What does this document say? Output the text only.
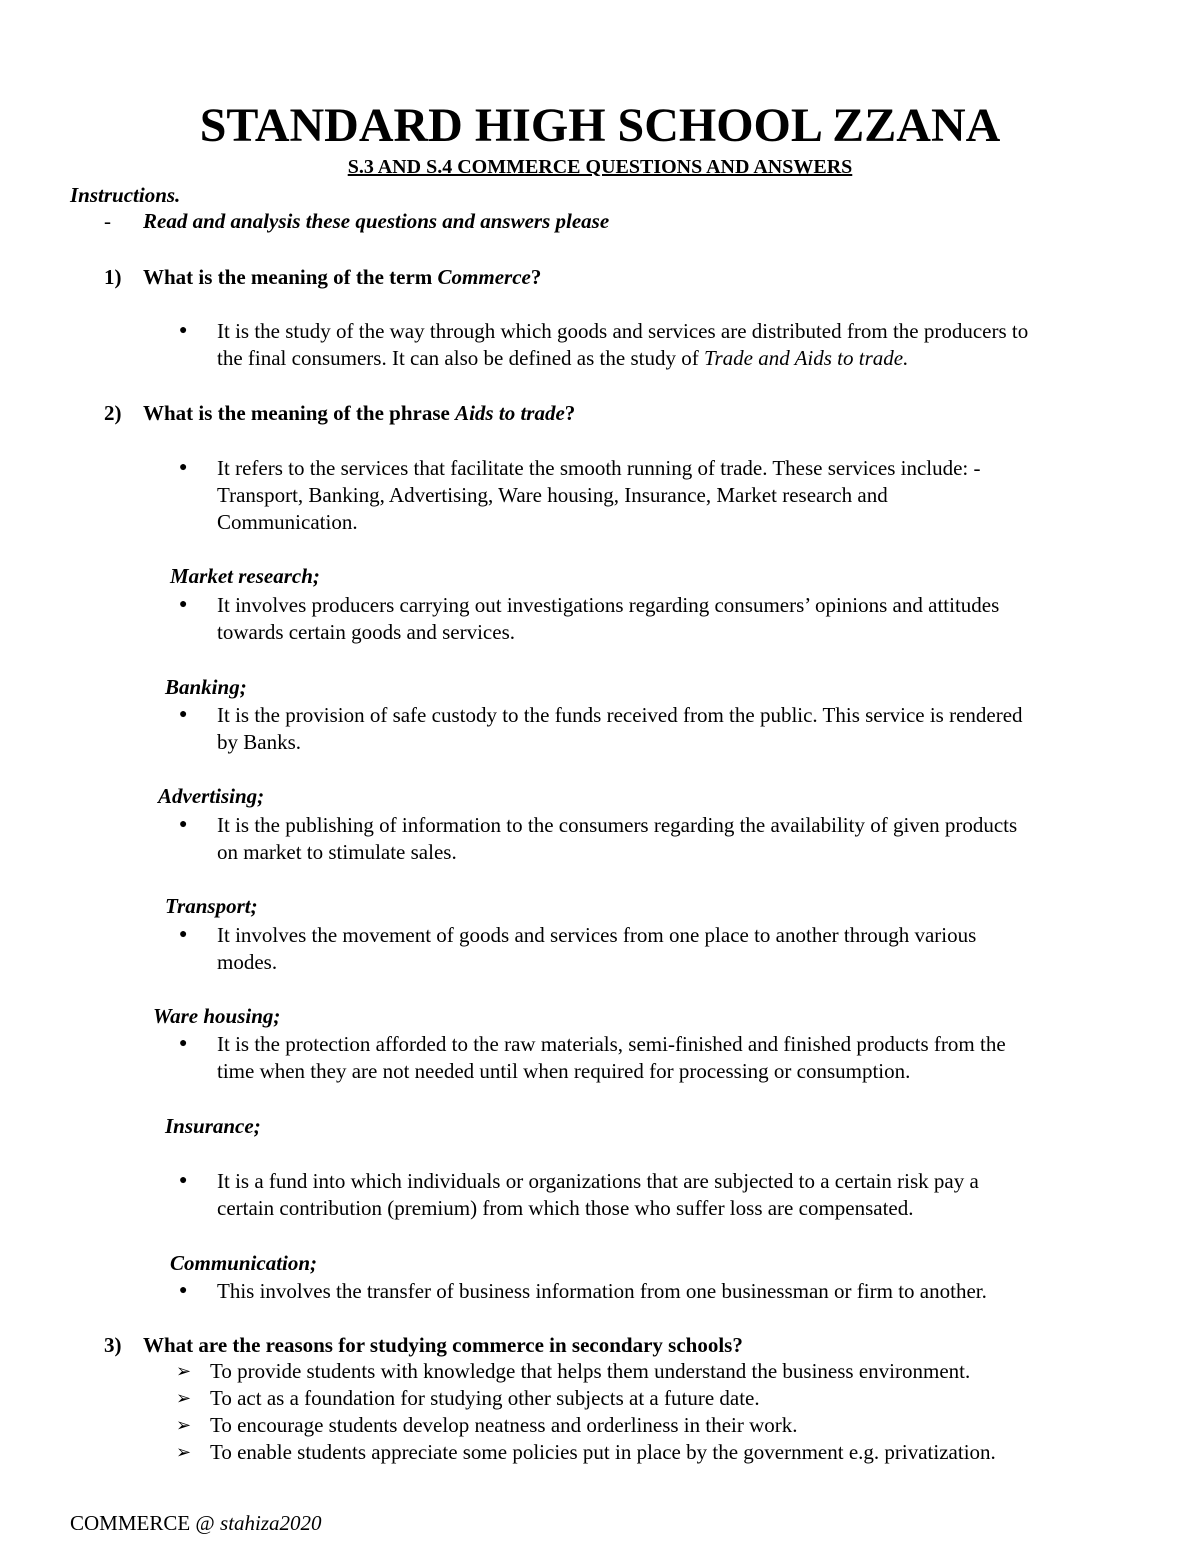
STANDARD HIGH SCHOOL ZZANA
S.3 AND S.4 COMMERCE QUESTIONS AND ANSWERS
Instructions.
- Read and analysis these questions and answers please
1) What is the meaning of the term Commerce?
● It is the study of the way through which goods and services are distributed from the producers to
the final consumers. It can also be defined as the study of Trade and Aids to trade.
2) What is the meaning of the phrase Aids to trade?
● It refers to the services that facilitate the smooth running of trade. These services include: -
Transport, Banking, Advertising, Ware housing, Insurance, Market research and
Communication.
Market research;
● It involves producers carrying out investigations regarding consumers’ opinions and attitudes
towards certain goods and services.
Banking;
● It is the provision of safe custody to the funds received from the public. This service is rendered
by Banks.
Advertising;
● It is the publishing of information to the consumers regarding the availability of given products
on market to stimulate sales.
Transport;
● It involves the movement of goods and services from one place to another through various
modes.
Ware housing;
● It is the protection afforded to the raw materials, semi-finished and finished products from the
time when they are not needed until when required for processing or consumption.
Insurance;
● It is a fund into which individuals or organizations that are subjected to a certain risk pay a
certain contribution (premium) from which those who suffer loss are compensated.
Communication;
● This involves the transfer of business information from one businessman or firm to another.
3) What are the reasons for studying commerce in secondary schools?
➢ To provide students with knowledge that helps them understand the business environment.
➢ To act as a foundation for studying other subjects at a future date.
➢ To encourage students develop neatness and orderliness in their work.
➢ To enable students appreciate some policies put in place by the government e.g. privatization.
COMMERCE @ stahiza2020
